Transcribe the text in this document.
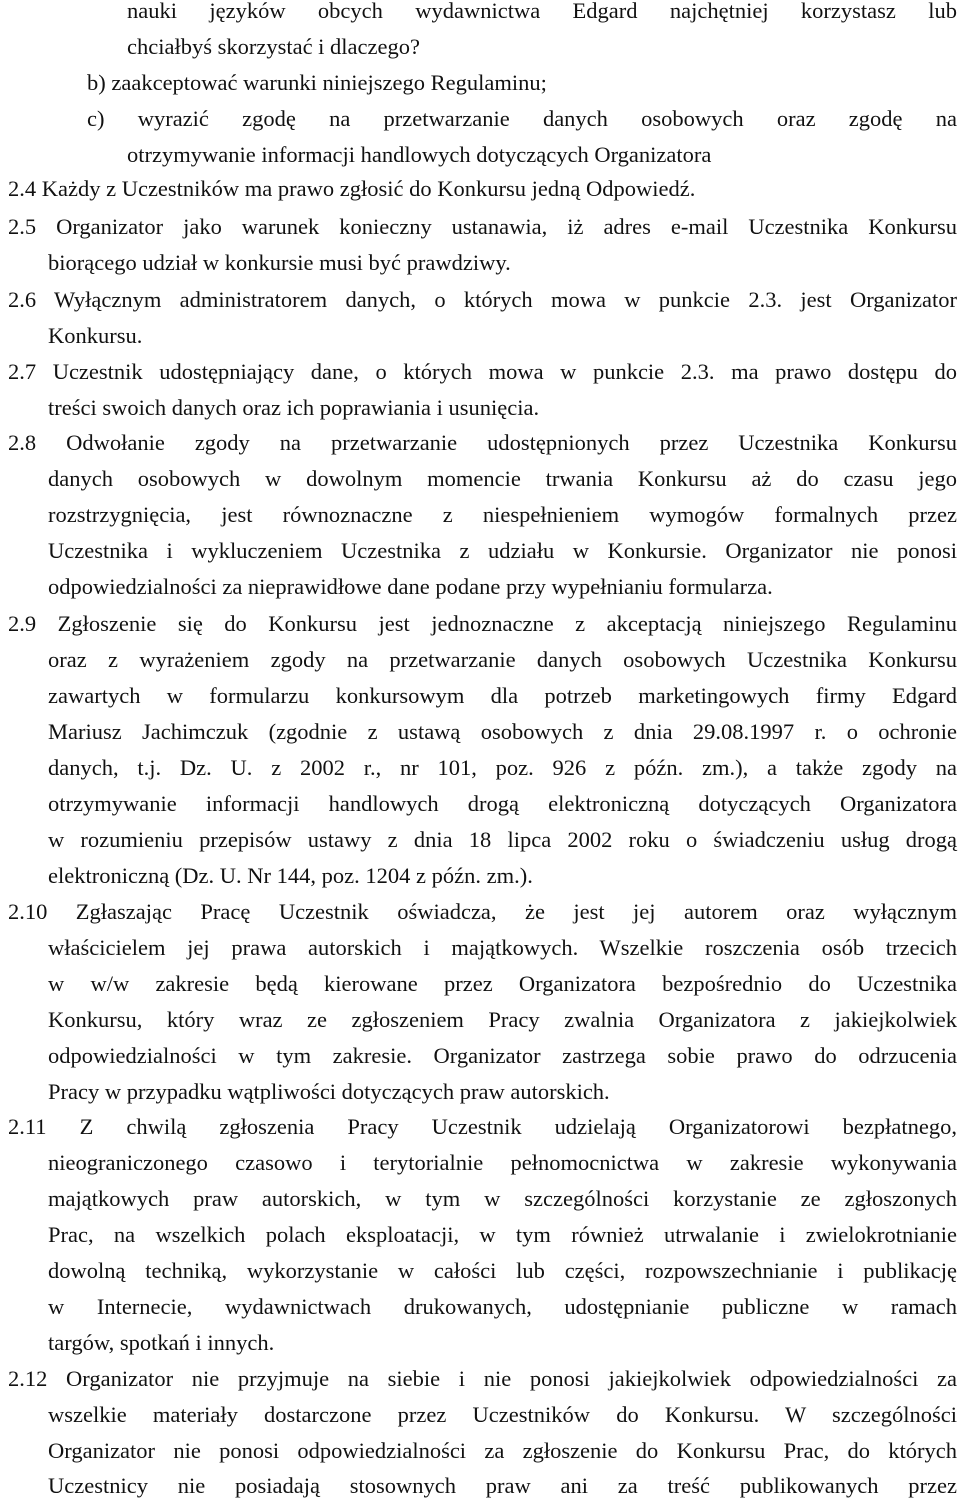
nauki języków obcych wydawnictwa Edgard najchętniej korzystasz lub
chciałbyś skorzystać i dlaczego?
b) zaakceptować warunki niniejszego Regulaminu;
c) wyrazić zgodę na przetwarzanie danych osobowych oraz zgodę na
otrzymywanie informacji handlowych dotyczących Organizatora
2.4 Każdy z Uczestników ma prawo zgłosić do Konkursu jedną Odpowiedź.
2.5 Organizator jako warunek konieczny ustanawia, iż adres e-mail Uczestnika Konkursu
biorącego udział w konkursie musi być prawdziwy.
2.6 Wyłącznym administratorem danych, o których mowa w punkcie 2.3. jest Organizator
Konkursu.
2.7 Uczestnik udostępniający dane, o których mowa w punkcie 2.3. ma prawo dostępu do
treści swoich danych oraz ich poprawiania i usunięcia.
2.8 Odwołanie zgody na przetwarzanie udostępnionych przez Uczestnika Konkursu
danych osobowych w dowolnym momencie trwania Konkursu aż do czasu jego
rozstrzygnięcia, jest równoznaczne z niespełnieniem wymogów formalnych przez
Uczestnika i wykluczeniem Uczestnika z udziału w Konkursie. Organizator nie ponosi
odpowiedzialności za nieprawidłowe dane podane przy wypełnianiu formularza.
2.9 Zgłoszenie się do Konkursu jest jednoznaczne z akceptacją niniejszego Regulaminu
oraz z wyrażeniem zgody na przetwarzanie danych osobowych Uczestnika Konkursu
zawartych w formularzu konkursowym dla potrzeb marketingowych firmy Edgard
Mariusz Jachimczuk (zgodnie z ustawą osobowych z dnia 29.08.1997 r. o ochronie
danych, t.j. Dz. U. z 2002 r., nr 101, poz. 926 z późn. zm.), a także zgody na
otrzymywanie informacji handlowych drogą elektroniczną dotyczących Organizatora
w rozumieniu przepisów ustawy z dnia 18 lipca 2002 roku o świadczeniu usług drogą
elektroniczną (Dz. U. Nr 144, poz. 1204 z późn. zm.).
2.10 Zgłaszając Pracę Uczestnik oświadcza, że jest jej autorem oraz wyłącznym
właścicielem jej prawa autorskich i majątkowych. Wszelkie roszczenia osób trzecich
w w/w zakresie będą kierowane przez Organizatora bezpośrednio do Uczestnika
Konkursu, który wraz ze zgłoszeniem Pracy zwalnia Organizatora z jakiejkolwiek
odpowiedzialności w tym zakresie. Organizator zastrzega sobie prawo do odrzucenia
Pracy w przypadku wątpliwości dotyczących praw autorskich.
2.11 Z chwilą zgłoszenia Pracy Uczestnik udzielają Organizatorowi bezpłatnego,
nieograniczonego czasowo i terytorialnie pełnomocnictwa w zakresie wykonywania
majątkowych praw autorskich, w tym w szczególności korzystanie ze zgłoszonych
Prac, na wszelkich polach eksploatacji, w tym również utrwalanie i zwielokrotnianie
dowolną techniką, wykorzystanie w całości lub części, rozpowszechnianie i publikację
w Internecie, wydawnictwach drukowanych, udostępnianie publiczne w ramach
targów, spotkań i innych.
2.12 Organizator nie przyjmuje na siebie i nie ponosi jakiejkolwiek odpowiedzialności za
wszelkie materiały dostarczone przez Uczestników do Konkursu. W szczególności
Organizator nie ponosi odpowiedzialności za zgłoszenie do Konkursu Prac, do których
Uczestnicy nie posiadają stosownych praw ani za treść publikowanych przez
